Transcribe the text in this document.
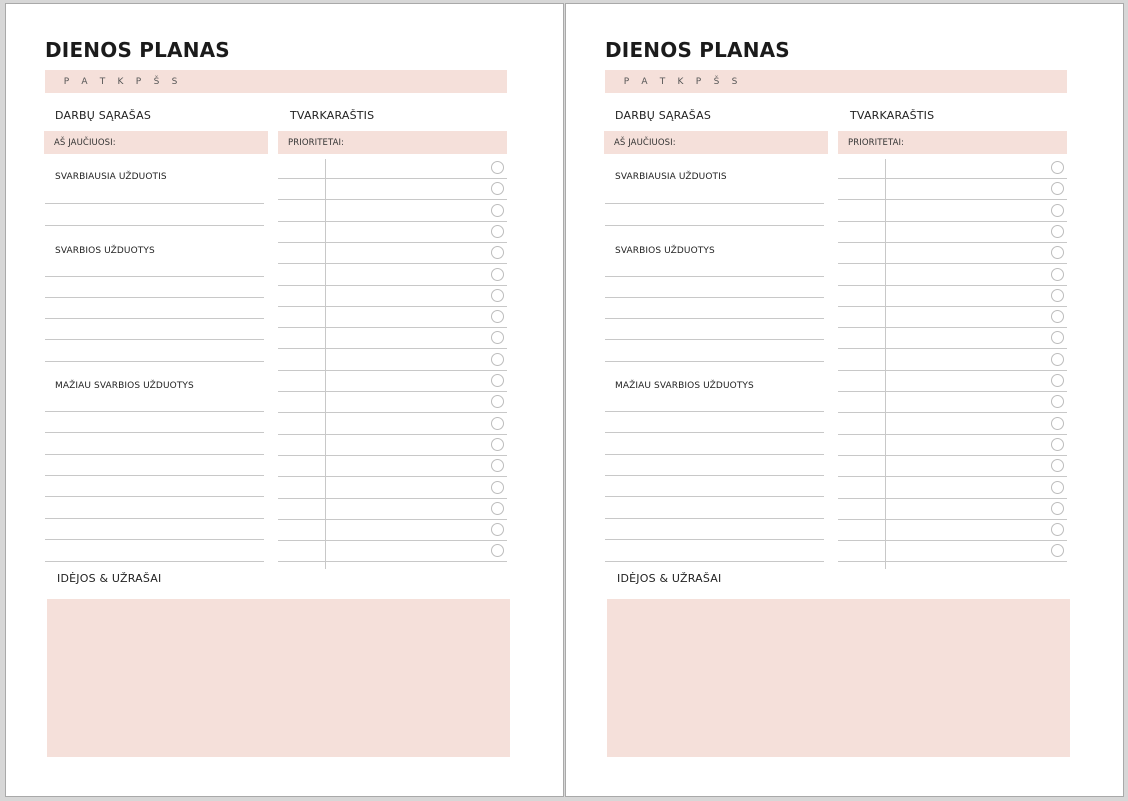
DIENOS PLANAS
P A T K P Š S
DARBŲ SĄRAŠAS
AŠ JAUČIUOSI:
SVARBIAUSIA UŽDUOTIS
SVARBIOS UŽDUOTYS
MAŽIAU SVARBIOS UŽDUOTYS
TVARKARAŠTIS
PRIORITETAI:
IDĖJOS & UŽRAŠAI
DIENOS PLANAS
P A T K P Š S
DARBŲ SĄRAŠAS
AŠ JAUČIUOSI:
SVARBIAUSIA UŽDUOTIS
SVARBIOS UŽDUOTYS
MAŽIAU SVARBIOS UŽDUOTYS
TVARKARAŠTIS
PRIORITETAI:
IDĖJOS & UŽRAŠAI
